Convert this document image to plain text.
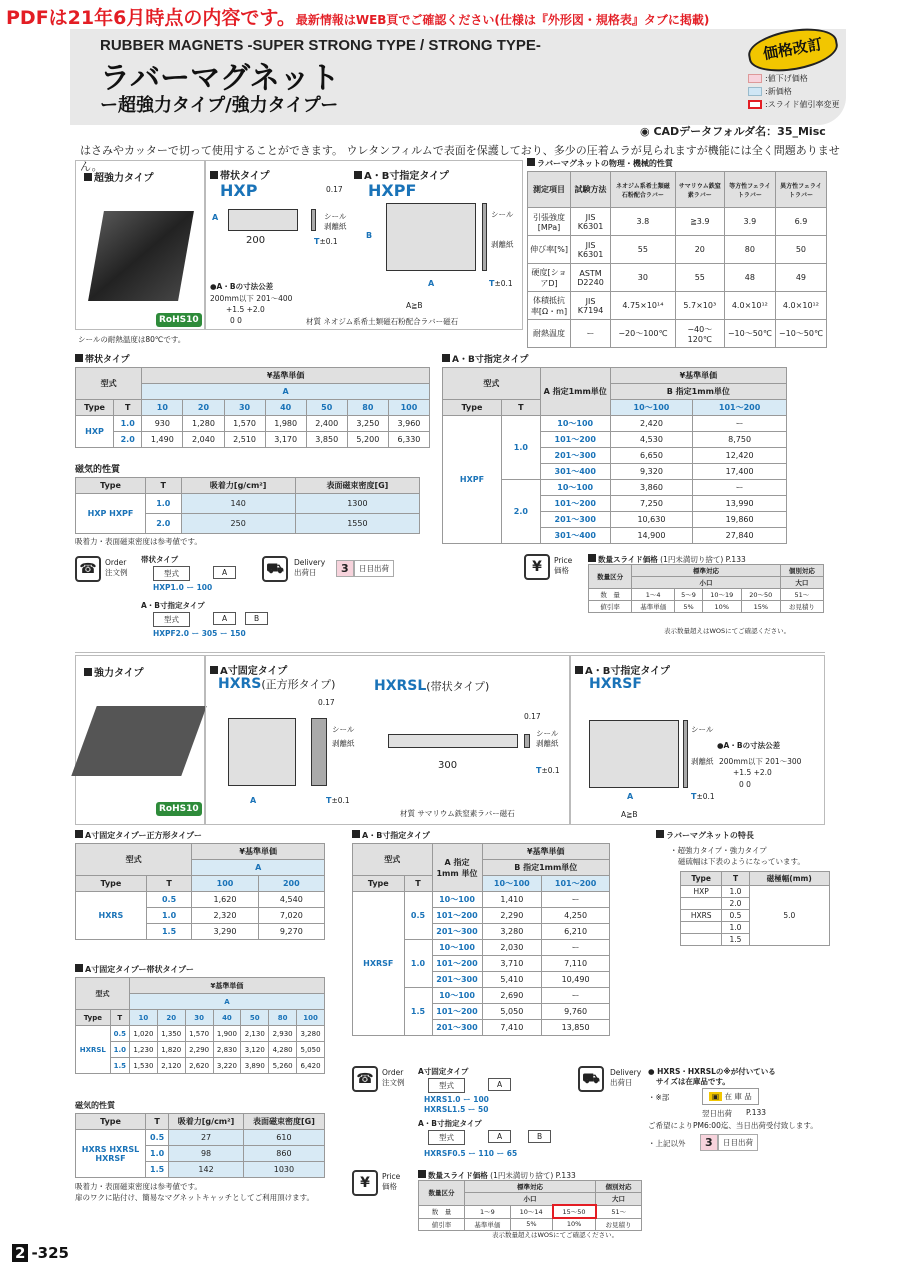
PDFは21年6月時点の内容です。最新情報はWEB頁でご確認ください(仕様は『外形図・規格表』タブに掲載)
RUBBER MAGNETS -SUPER STRONG TYPE / STRONG TYPE-
ラバーマグネット
ー超強力タイプ/強力タイプー
価格改訂
:値下げ価格
:新価格
:スライド値引率変更
◉ CADデータフォルダ名：35_Misc
はさみやカッターで切って使用することができます。 ウレタンフィルムで表面を保護しており、多少の圧着ムラが見られますが機能には全く問題ありません。
超強力タイプ
RoHS10
帯状タイプ
HXP
200
A	シール
剥離紙
0.17
T±0.1
A・B寸指定タイプ
HXPF
B
A
シール
剥離紙
T±0.1
●A・Bの寸法公差
200mm以下 201〜400
+1.5 +2.0
0 0
A≧B
材質 ネオジム系希土類磁石粉配合ラバー磁石
シールの耐熱温度は80℃です。
ラバーマグネットの物理・機械的性質
測定項目	試験方法	ネオジム系希土類磁石粉配合ラバー	サマリウム鉄窒素ラバー	等方性フェライトラバー	異方性フェライトラバー
引張強度[MPa]	JIS K6301	3.8	≧3.9	3.9	6.9
伸び率[%]	JIS K6301	55	20	80	50
硬度[ショアD]	ASTM D2240	30	55	48	49
体積抵抗率[Ω・m]	JIS K7194	4.75×10¹⁴	5.7×10³	4.0×10¹²	4.0×10¹²
耐熱温度	ー	−20〜100℃	−40〜120℃	−10〜50℃	−10〜50℃
帯状タイプ
型式		¥基準単価						
		A						
Type	T	10	20	30	40	50	80	100
HXP	1.0	930	1,280	1,570	1,980	2,400	3,250	3,960
	2.0	1,490	2,040	2,510	3,170	3,850	5,200	6,330
磁気的性質
Type	T	吸着力[g/cm²]	表面磁束密度[G]
HXP HXPF	1.0	140	1300
	2.0	250	1550
吸着力・表面磁束密度は参考値です。
A・B寸指定タイプ
型式		A 指定1mm単位	¥基準単価	
			B 指定1mm単位	
Type	T		10〜100	101〜200
HXPF	1.0	10〜100	2,420	ー
		101〜200	4,530	8,750
		201〜300	6,650	12,420
		301〜400	9,320	17,400
	2.0	10〜100	3,860	ー
		101〜200	7,250	13,990
		201〜300	10,630	19,860
		301〜400	14,900	27,840
☎ Order 注文例
帯状タイプ
型式	A
HXP1.0 ー 100
A・B寸指定タイプ
型式	A	B
HXPF2.0 ー 305 ー 150
⛟ Delivery 出荷日	3	日目出荷	¥ Price 価格
数量スライド価格 (1円未満切り捨て) P.133
数量区分	標準対応				個別対応
	小口				大口
数　量	1〜4	5〜9	10〜19	20〜50	51〜
値引率	基準単価	5%	10%	15%	お見積り
表示数量超えはWOSにてご確認ください。
強力タイプ
RoHS10
A寸固定タイプ
HXRS(正方形タイプ)	HXRSL(帯状タイプ)
A
300
シール
剥離紙
シール
剥離紙
T±0.1
T±0.1
0.17
0.17
A・B寸指定タイプ
HXRSF
A
シール
剥離紙
●A・Bの寸法公差
200mm以下 201〜300
+1.5 +2.0
0 0
T±0.1
A≧B
材質 サマリウム鉄窒素ラバー磁石
A寸固定タイプー正方形タイプー
型式		¥基準単価	
		A	
Type	T	100	200
HXRS	0.5	1,620	4,540
	1.0	2,320	7,020
	1.5	3,290	9,270
A寸固定タイプー帯状タイプー
型式		¥基準単価						
		A						
Type	T	10	20	30	40	50	80	100
HXRSL	0.5	1,020	1,350	1,570	1,900	2,130	2,930	3,280
	1.0	1,230	1,820	2,290	2,830	3,120	4,280	5,050
	1.5	1,530	2,120	2,620	3,220	3,890	5,260	6,420
磁気的性質
Type	T	吸着力[g/cm²]	表面磁束密度[G]
HXRS HXRSL HXRSF	0.5	27	610
	1.0	98	860
	1.5	142	1030
吸着力・表面磁束密度は参考値です。
扉のワクに貼付け、簡易なマグネットキャッチとしてご利用頂けます。
A・B寸指定タイプ
型式		A 指定1mm 単位	¥基準単価	
			B 指定1mm単位	
Type	T		10〜100	101〜200
HXRSF	0.5	10〜100	1,410	ー
		101〜200	2,290	4,250
		201〜300	3,280	6,210
	1.0	10〜100	2,030	ー
		101〜200	3,710	7,110
		201〜300	5,410	10,490
	1.5	10〜100	2,690	ー
		101〜200	5,050	9,760
		201〜300	7,410	13,850
ラバーマグネットの特長
・超強力タイプ・強力タイプ
磁硫幅は下表のようになっています。
Type	T	磁極幅(mm)
HXP	1.0	5.0
	2.0	
HXRS	0.5	
	1.0	
	1.5	
☎ Order 注文例
A寸固定タイプ
型式	A
HXRS1.0 ー 100
HXRSL1.5 ー 50
A・B寸指定タイプ
型式	A	B
HXRSF0.5 ー 110 ー 65
⛟ Delivery 出荷日
● HXRS・HXRSLの※が付いている
サイズは在庫品です。
・※部	▣ 在 庫 品
翌日出荷 P.133
ご希望によりPM6:00迄、当日出荷受付致します。
・上記以外	3	日目出荷
¥ Price 価格
数量スライド価格 (1円未満切り捨て) P.133
数量区分	標準対応			個別対応
	小口			大口
数　量	1〜9	10〜14	15〜50	51〜
値引率	基準単価	5%	10%	お見積り
表示数量超えはWOSにてご確認ください。
2 -325
